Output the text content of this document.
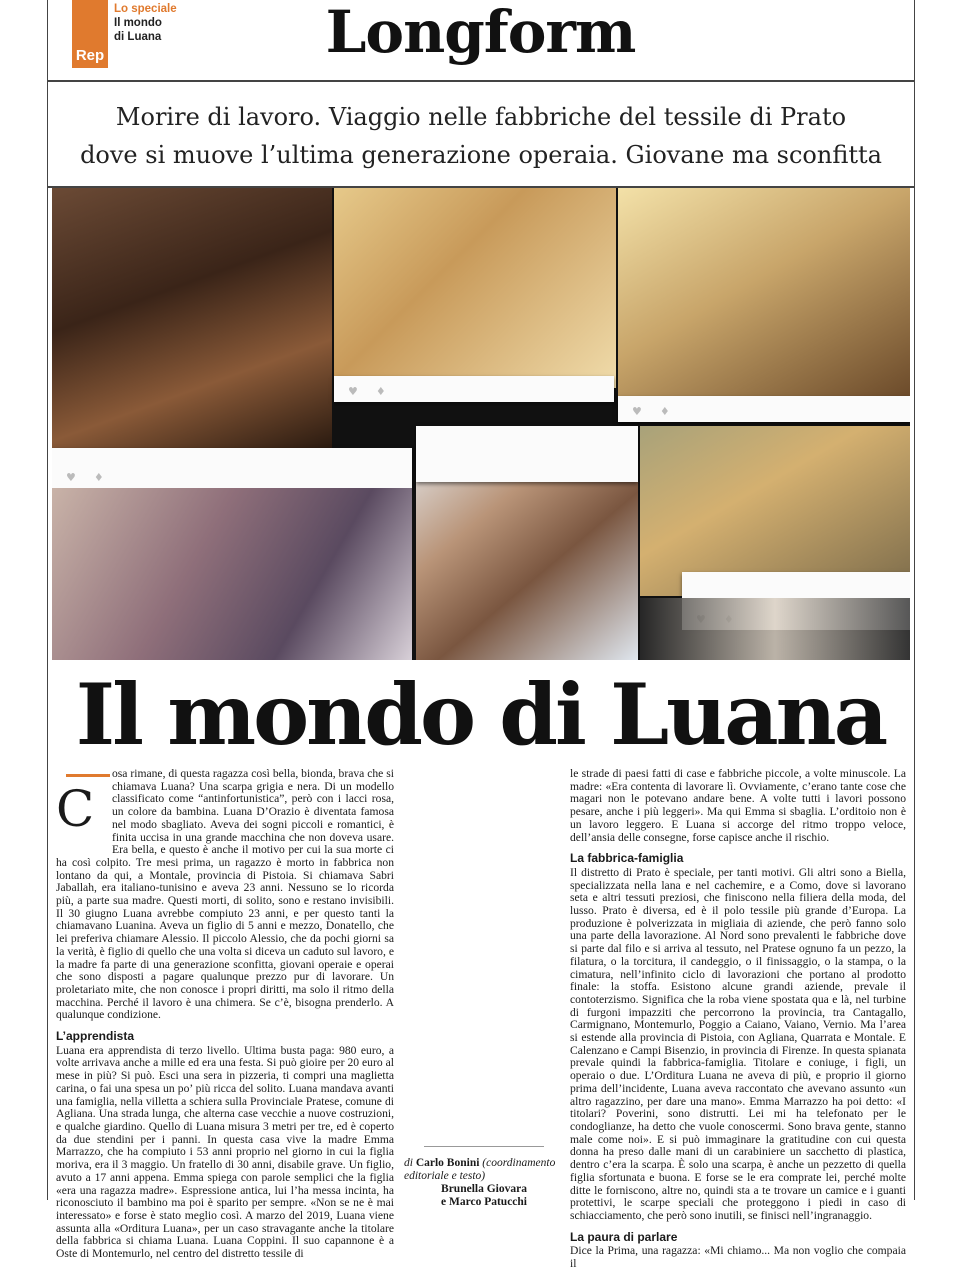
Rep
Lo speciale
Il mondo
di Luana	Longform
Morire di lavoro. Viaggio nelle fabbriche del tessile di Prato
dove si muove l’ultima generazione operaia. Giovane ma sconfitta
♥ ♦
♥ ♦
♥ ♦
Il mondo di Luana

C
osa rimane, di questa ragazza così bella, bionda, brava che si chiamava Luana? Una scarpa grigia e nera. Di un modello classificato come “antinfortunistica”, però con i lacci rosa, un colore da bambina. Luana D’Orazio è diventata famosa nel modo sbagliato. Aveva dei sogni piccoli e romantici, è finita uccisa in una grande macchina che non doveva usare. Era bella, e questo è anche il motivo per cui la sua morte ci ha così colpito. Tre mesi prima, un ragazzo è morto in fabbrica non lontano da qui, a Montale, provincia di Pistoia. Si chiamava Sabri Jaballah, era italiano-tunisino e aveva 23 anni. Nessuno se lo ricorda più, a parte sua madre. Questi morti, di solito, sono e restano invisibili. Il 30 giugno Luana avrebbe compiuto 23 anni, e per questo tanti la chiamavano Luanina. Aveva un figlio di 5 anni e mezzo, Donatello, che lei preferiva chiamare Alessio. Il piccolo Alessio, che da pochi giorni sa la verità, è figlio di quello che una volta si diceva un caduto sul lavoro, e la madre fa parte di una generazione sconfitta, giovani operaie e operai che sono disposti a pagare qualunque prezzo pur di lavorare. Un proletariato mite, che non conosce i propri diritti, ma solo il ritmo della macchina. Perché il lavoro è una chimera. Se c’è, bisogna prenderlo. A qualunque condizione.

L’apprendista

Luana era apprendista di terzo livello. Ultima busta paga: 980 euro, a volte arrivava anche a mille ed era una festa. Si può gioire per 20 euro al mese in più? Si può. Esci una sera in pizzeria, ti compri una maglietta carina, o fai una spesa un po’ più ricca del solito. Luana mandava avanti una famiglia, nella villetta a schiera sulla Provinciale Pratese, comune di Agliana. Una strada lunga, che alterna case vecchie a nuove costruzioni, e qualche giardino. Quello di Luana misura 3 metri per tre, ed è coperto da due stendini per i panni. In questa casa vive la madre Emma Marrazzo, che ha compiuto i 53 anni proprio nel giorno in cui la figlia moriva, era il 3 maggio. Un fratello di 30 anni, disabile grave. Un figlio, avuto a 17 anni appena. Emma spiega con parole semplici che la figlia «era una ragazza madre». Espressione antica, lui l’ha messa incinta, ha riconosciuto il bambino ma poi è sparito per sempre. «Non se ne è mai interessato» e forse è stato meglio così. A marzo del 2019, Luana viene assunta alla «Orditura Luana», per un caso stravagante anche la titolare della fabbrica si chiama Luana. Luana Coppini. Il suo capannone è a Oste di Montemurlo, nel centro del distretto tessile di

di Carlo Bonini (coordinamento editoriale e testo)
Brunella Giovara
e Marco Patucchi

le strade di paesi fatti di case e fabbriche piccole, a volte minuscole. La madre: «Era contenta di lavorare lì. Ovviamente, c’erano tante cose che magari non le potevano andare bene. A volte tutti i lavori possono pesare, anche i più leggeri». Ma qui Emma si sbaglia. L’orditoio non è un lavoro leggero. E Luana si accorge del ritmo troppo veloce, dell’ansia delle consegne, forse capisce anche il rischio.

La fabbrica-famiglia

Il distretto di Prato è speciale, per tanti motivi. Gli altri sono a Biella, specializzata nella lana e nel cachemire, e a Como, dove si lavorano seta e altri tessuti preziosi, che finiscono nella filiera della moda, del lusso. Prato è diversa, ed è il polo tessile più grande d’Europa. La produzione è polverizzata in migliaia di aziende, che però fanno solo una parte della lavorazione. Al Nord sono prevalenti le fabbriche dove si parte dal filo e si arriva al tessuto, nel Pratese ognuno fa un pezzo, la filatura, o la torcitura, il candeggio, o il finissaggio, o la stampa, o la cimatura, nell’infinito ciclo di lavorazioni che portano al prodotto finale: la stoffa. Esistono alcune grandi aziende, prevale il contoterzismo. Significa che la roba viene spostata qua e là, nel turbine di furgoni impazziti che percorrono la provincia, tra Cantagallo, Carmignano, Montemurlo, Poggio a Caiano, Vaiano, Vernio. Ma l’area si estende alla provincia di Pistoia, con Agliana, Quarrata e Montale. E Calenzano e Campi Bisenzio, in provincia di Firenze. In questa spianata prevale quindi la fabbrica-famiglia. Titolare e coniuge, i figli, un operaio o due. L’Orditura Luana ne aveva di più, e proprio il giorno prima dell’incidente, Luana aveva raccontato che avevano assunto «un altro ragazzino, per dare una mano». Emma Marrazzo ha poi detto: «I titolari? Poverini, sono distrutti. Lei mi ha telefonato per le condoglianze, ha detto che vuole conoscermi. Sono brava gente, stanno male come noi». E si può immaginare la gratitudine con cui questa donna ha preso dalle mani di un carabiniere un sacchetto di plastica, dentro c’era la scarpa. È solo una scarpa, è anche un pezzetto di quella figlia sfortunata e buona. E forse se le era comprate lei, perché molte ditte le forniscono, altre no, quindi sta a te trovare un camice e i guanti protettivi, le scarpe speciali che proteggono i piedi in caso di schiacciamento, che però sono inutili, se finisci nell’ingranaggio.

La paura di parlare

Dice la Prima, una ragazza: «Mi chiamo... Ma non voglio che compaia il
